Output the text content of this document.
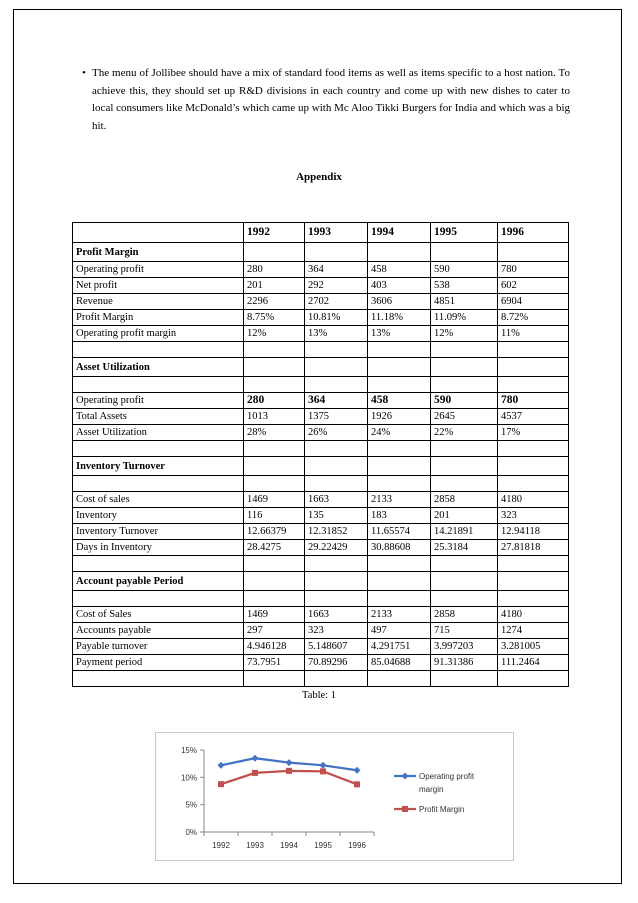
• The menu of Jollibee should have a mix of standard food items as well as items specific to a host nation. To achieve this, they should set up R&D divisions in each country and come up with new dishes to cater to local consumers like McDonald’s which came up with Mc Aloo Tikki Burgers for India and which was a big hit.
Appendix
	1992	1993	1994	1995	1996
Profit Margin					
Operating profit	280	364	458	590	780
Net profit	201	292	403	538	602
Revenue	2296	2702	3606	4851	6904
Profit Margin	8.75%	10.81%	11.18%	11.09%	8.72%
Operating profit margin	12%	13%	13%	12%	11%

Asset Utilization					

Operating profit	280	364	458	590	780
Total Assets	1013	1375	1926	2645	4537
Asset Utilization	28%	26%	24%	22%	17%

Inventory Turnover					

Cost of sales	1469	1663	2133	2858	4180
Inventory	116	135	183	201	323
Inventory Turnover	12.66379	12.31852	11.65574	14.21891	12.94118
Days in Inventory	28.4275	29.22429	30.88608	25.3184	27.81818

Account payable Period					

Cost of Sales	1469	1663	2133	2858	4180
Accounts payable	297	323	497	715	1274
Payable turnover	4.946128	5.148607	4.291751	3.997203	3.281005
Payment period	73.7951	70.89296	85.04688	91.31386	111.2464

Table: 1
0%
5%
10%
15%
1992 1993 1994 1995 1996
Operating profit
margin
Profit Margin
